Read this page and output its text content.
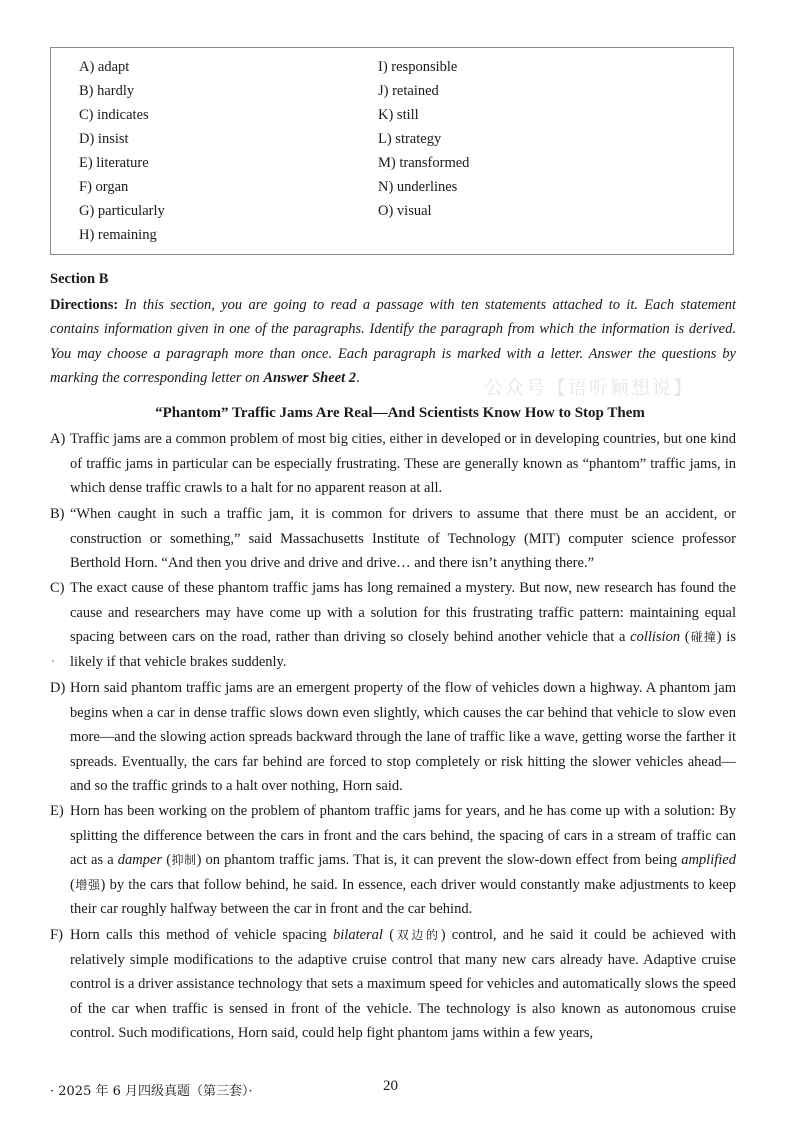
A) adapt
B) hardly
C) indicates
D) insist
E) literature
F) organ
G) particularly
H) remaining
I) responsible
J) retained
K) still
L) strategy
M) transformed
N) underlines
O) visual
Section B
Directions: In this section, you are going to read a passage with ten statements attached to it. Each statement contains information given in one of the paragraphs. Identify the paragraph from which the information is derived. You may choose a paragraph more than once. Each paragraph is marked with a letter. Answer the questions by marking the corresponding letter on Answer Sheet 2.	公众号【语听颖想说】
“Phantom” Traffic Jams Are Real—And Scientists Know How to Stop Them
A) Traffic jams are a common problem of most big cities, either in developed or in developing countries, but one kind of traffic jams in particular can be especially frustrating. These are generally known as “phantom” traffic jams, in which dense traffic crawls to a halt for no apparent reason at all.
B) “When caught in such a traffic jam, it is common for drivers to assume that there must be an accident, or construction or something,” said Massachusetts Institute of Technology (MIT) computer science professor Berthold Horn. “And then you drive and drive and drive… and there isn’t anything there.”
C) The exact cause of these phantom traffic jams has long remained a mystery. But now, new research has found the cause and researchers may have come up with a solution for this frustrating traffic pattern: maintaining equal spacing between cars on the road, rather than driving so closely behind another vehicle that a collision (碰撞) is likely if that vehicle brakes suddenly.
D) Horn said phantom traffic jams are an emergent property of the flow of vehicles down a highway. A phantom jam begins when a car in dense traffic slows down even slightly, which causes the car behind that vehicle to slow even more—and the slowing action spreads backward through the lane of traffic like a wave, getting worse the farther it spreads. Eventually, the cars far behind are forced to stop completely or risk hitting the slower vehicles ahead—and so the traffic grinds to a halt over nothing, Horn said.
E) Horn has been working on the problem of phantom traffic jams for years, and he has come up with a solution: By splitting the difference between the cars in front and the cars behind, the spacing of cars in a stream of traffic can act as a damper (抑制) on phantom traffic jams. That is, it can prevent the slow-down effect from being amplified (增强) by the cars that follow behind, he said. In essence, each driver would constantly make adjustments to keep their car roughly halfway between the car in front and the car behind.
F) Horn calls this method of vehicle spacing bilateral (双边的) control, and he said it could be achieved with relatively simple modifications to the adaptive cruise control that many new cars already have. Adaptive cruise control is a driver assistance technology that sets a maximum speed for vehicles and automatically slows the speed of the car when traffic is sensed in front of the vehicle. The technology is also known as autonomous cruise control. Such modifications, Horn said, could help fight phantom jams within a few years,
· 2025 年 6 月四级真题（第三套）·	20
